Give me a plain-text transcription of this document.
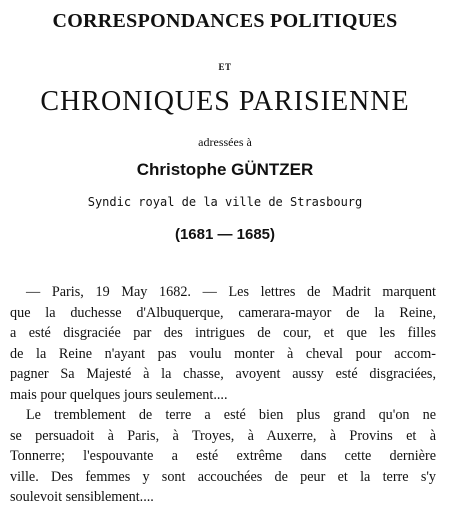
CORRESPONDANCES POLITIQUES
ET
CHRONIQUES PARISIENNE
adressées à
Christophe GÜNTZER
Syndic royal de la ville de Strasbourg
(1681 — 1685)
— Paris, 19 May 1682. — Les lettres de Madrit marquent
que la duchesse d'Albuquerque, camerara-mayor de la Reine,
a esté disgraciée par des intrigues de cour, et que les filles
de la Reine n'ayant pas voulu monter à cheval pour accom-
pagner Sa Majesté à la chasse, avoyent aussy esté disgraciées,
mais pour quelques jours seulement....
Le tremblement de terre a esté bien plus grand qu'on ne
se persuadoit à Paris, à Troyes, à Auxerre, à Provins et à
Tonnerre; l'espouvante a esté extrême dans cette dernière
ville. Des femmes y sont accouchées de peur et la terre s'y
soulevoit sensiblement....
